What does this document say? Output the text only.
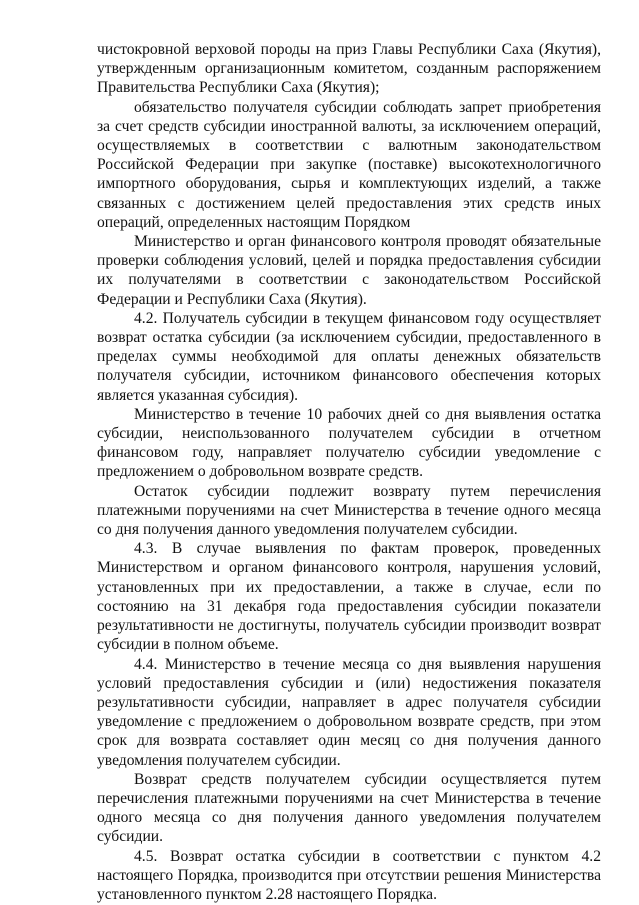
чистокровной верховой породы на приз Главы Республики Саха (Якутия), утвержденным организационным комитетом, созданным распоряжением Правительства Республики Саха (Якутия);

обязательство получателя субсидии соблюдать запрет приобретения за счет средств субсидии иностранной валюты, за исключением операций, осуществляемых в соответствии с валютным законодательством Российской Федерации при закупке (поставке) высокотехнологичного импортного оборудования, сырья и комплектующих изделий, а также связанных с достижением целей предоставления этих средств иных операций, определенных настоящим Порядком

Министерство и орган финансового контроля проводят обязательные проверки соблюдения условий, целей и порядка предоставления субсидии их получателями в соответствии с законодательством Российской Федерации и Республики Саха (Якутия).

4.2. Получатель субсидии в текущем финансовом году осуществляет возврат остатка субсидии (за исключением субсидии, предоставленного в пределах суммы необходимой для оплаты денежных обязательств получателя субсидии, источником финансового обеспечения которых является указанная субсидия).

Министерство в течение 10 рабочих дней со дня выявления остатка субсидии, неиспользованного получателем субсидии в отчетном финансовом году, направляет получателю субсидии уведомление с предложением о добровольном возврате средств.

Остаток субсидии подлежит возврату путем перечисления платежными поручениями на счет Министерства в течение одного месяца со дня получения данного уведомления получателем субсидии.

4.3. В случае выявления по фактам проверок, проведенных Министерством и органом финансового контроля, нарушения условий, установленных при их предоставлении, а также в случае, если по состоянию на 31 декабря года предоставления субсидии показатели результативности не достигнуты, получатель субсидии производит возврат субсидии в полном объеме.

4.4. Министерство в течение месяца со дня выявления нарушения условий предоставления субсидии и (или) недостижения показателя результативности субсидии, направляет в адрес получателя субсидии уведомление с предложением о добровольном возврате средств, при этом срок для возврата составляет один месяц со дня получения данного уведомления получателем субсидии.

Возврат средств получателем субсидии осуществляется путем перечисления платежными поручениями на счет Министерства в течение одного месяца со дня получения данного уведомления получателем субсидии.

4.5. Возврат остатка субсидии в соответствии с пунктом 4.2 настоящего Порядка, производится при отсутствии решения Министерства установленного пунктом 2.28 настоящего Порядка.
